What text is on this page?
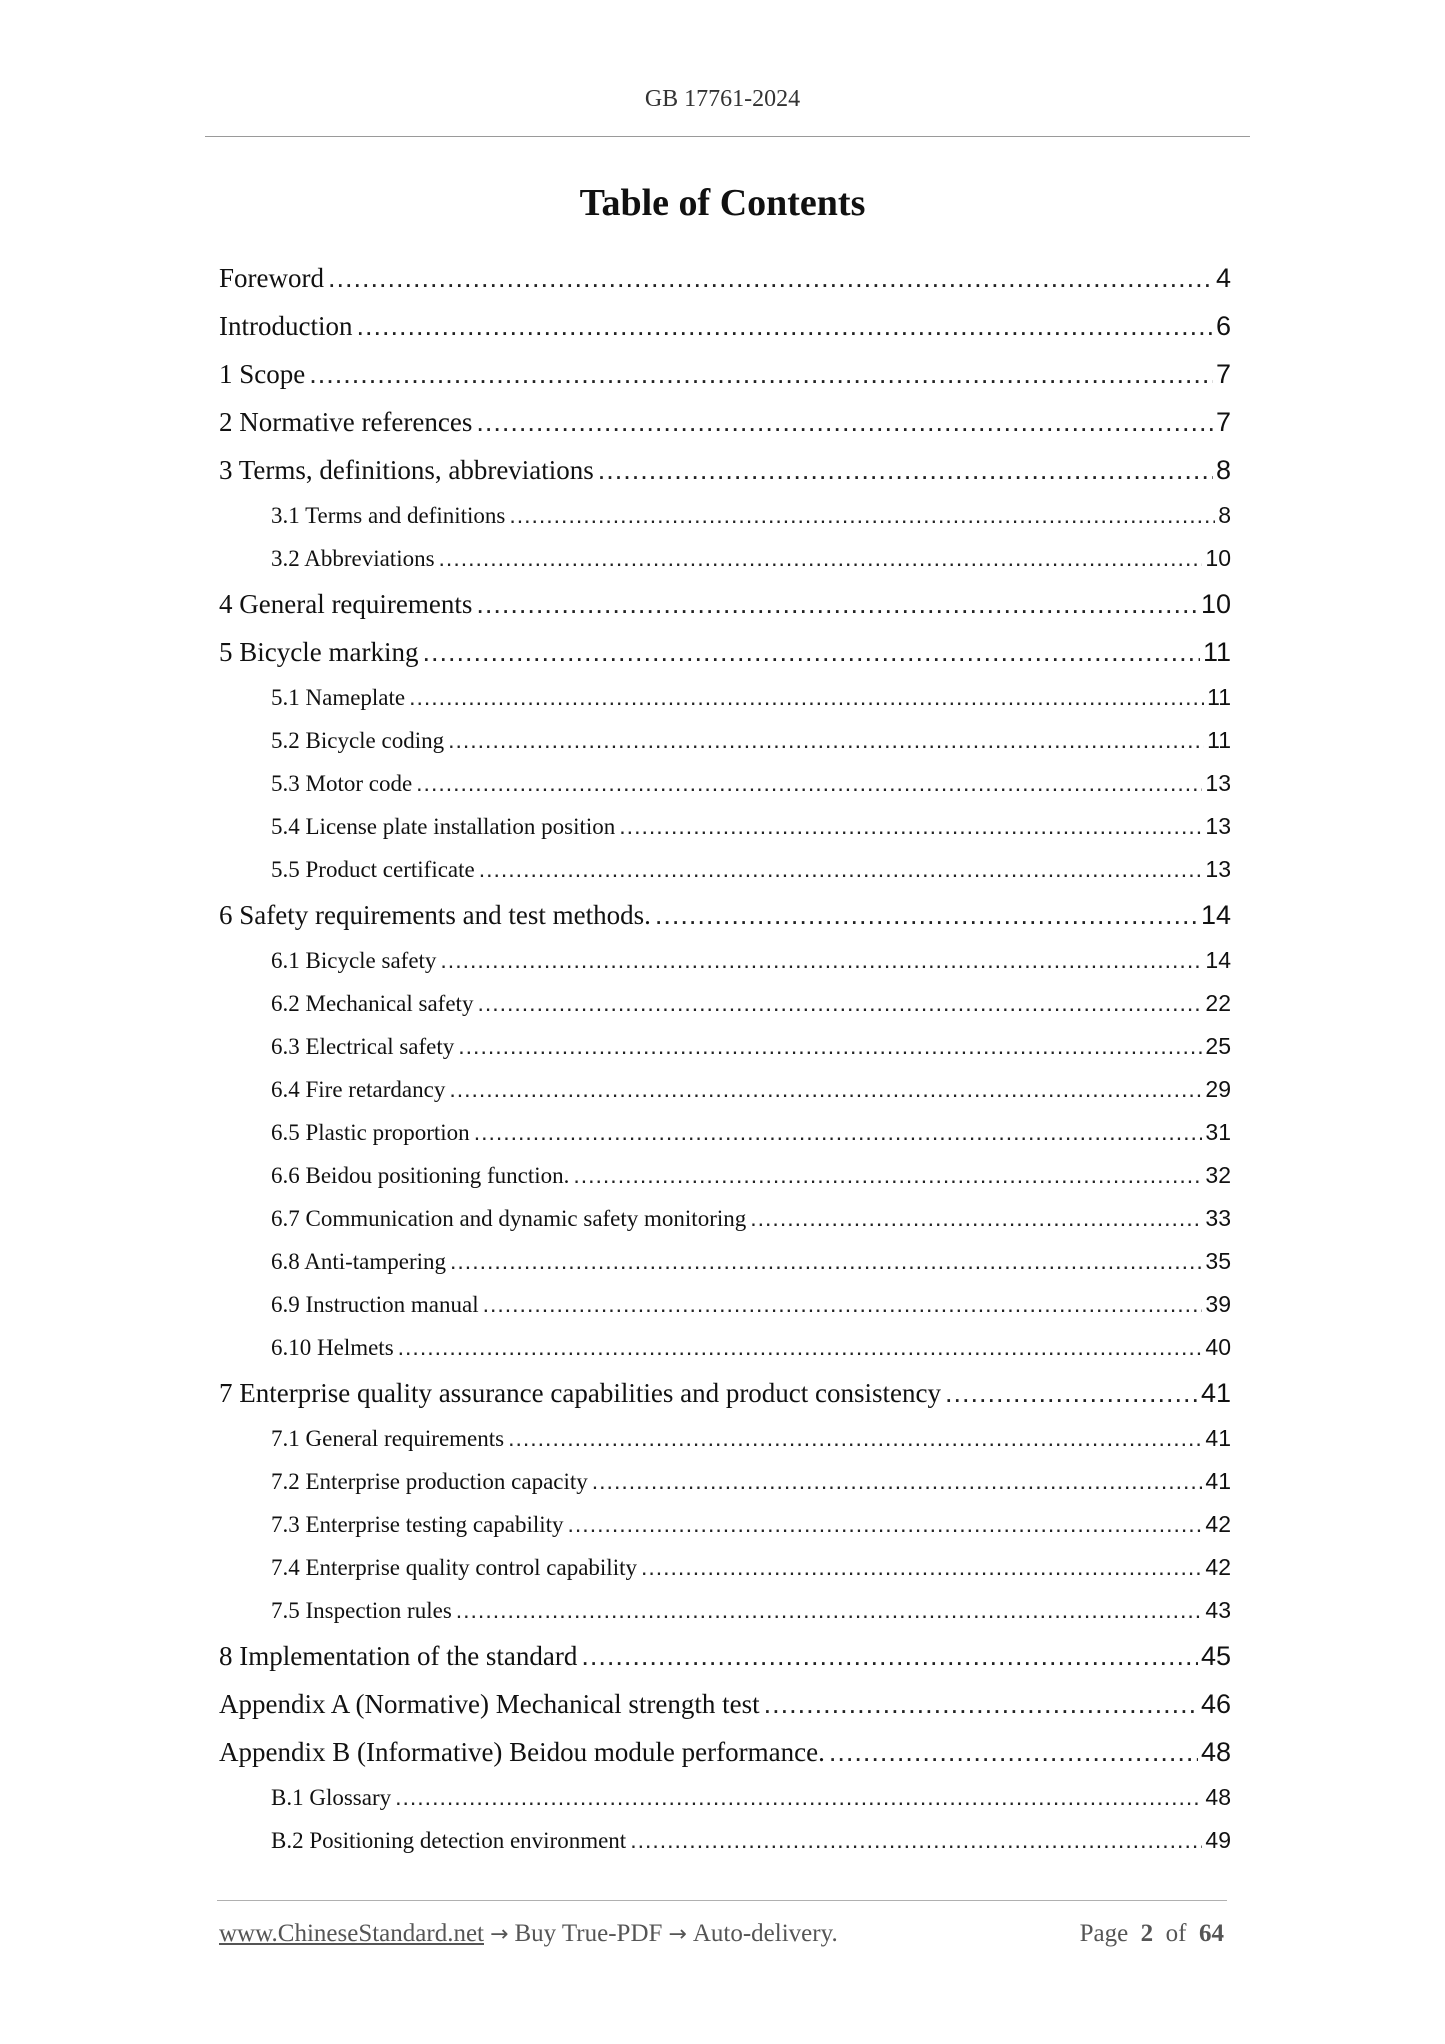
GB 17761-2024
Table of Contents
Foreword .....	4
Introduction .....	6
1 Scope .....	7
2 Normative references .....	7
3 Terms, definitions, abbreviations .....	8
3.1 Terms and definitions .....	8
3.2 Abbreviations .....	10
4 General requirements .....	10
5 Bicycle marking .....	11
5.1 Nameplate .....	11
5.2 Bicycle coding .....	11
5.3 Motor code .....	13
5.4 License plate installation position .....	13
5.5 Product certificate .....	13
6 Safety requirements and test methods. .....	14
6.1 Bicycle safety .....	14
6.2 Mechanical safety .....	22
6.3 Electrical safety .....	25
6.4 Fire retardancy .....	29
6.5 Plastic proportion .....	31
6.6 Beidou positioning function. .....	32
6.7 Communication and dynamic safety monitoring .....	33
6.8 Anti-tampering .....	35
6.9 Instruction manual .....	39
6.10 Helmets .....	40
7 Enterprise quality assurance capabilities and product consistency .....	41
7.1 General requirements .....	41
7.2 Enterprise production capacity .....	41
7.3 Enterprise testing capability .....	42
7.4 Enterprise quality control capability .....	42
7.5 Inspection rules .....	43
8 Implementation of the standard .....	45
Appendix A (Normative) Mechanical strength test .....	46
Appendix B (Informative) Beidou module performance. .....	48
B.1 Glossary .....	48
B.2 Positioning detection environment .....	49
www.ChineseStandard.net → Buy True-PDF → Auto-delivery.	Page 2 of 64
